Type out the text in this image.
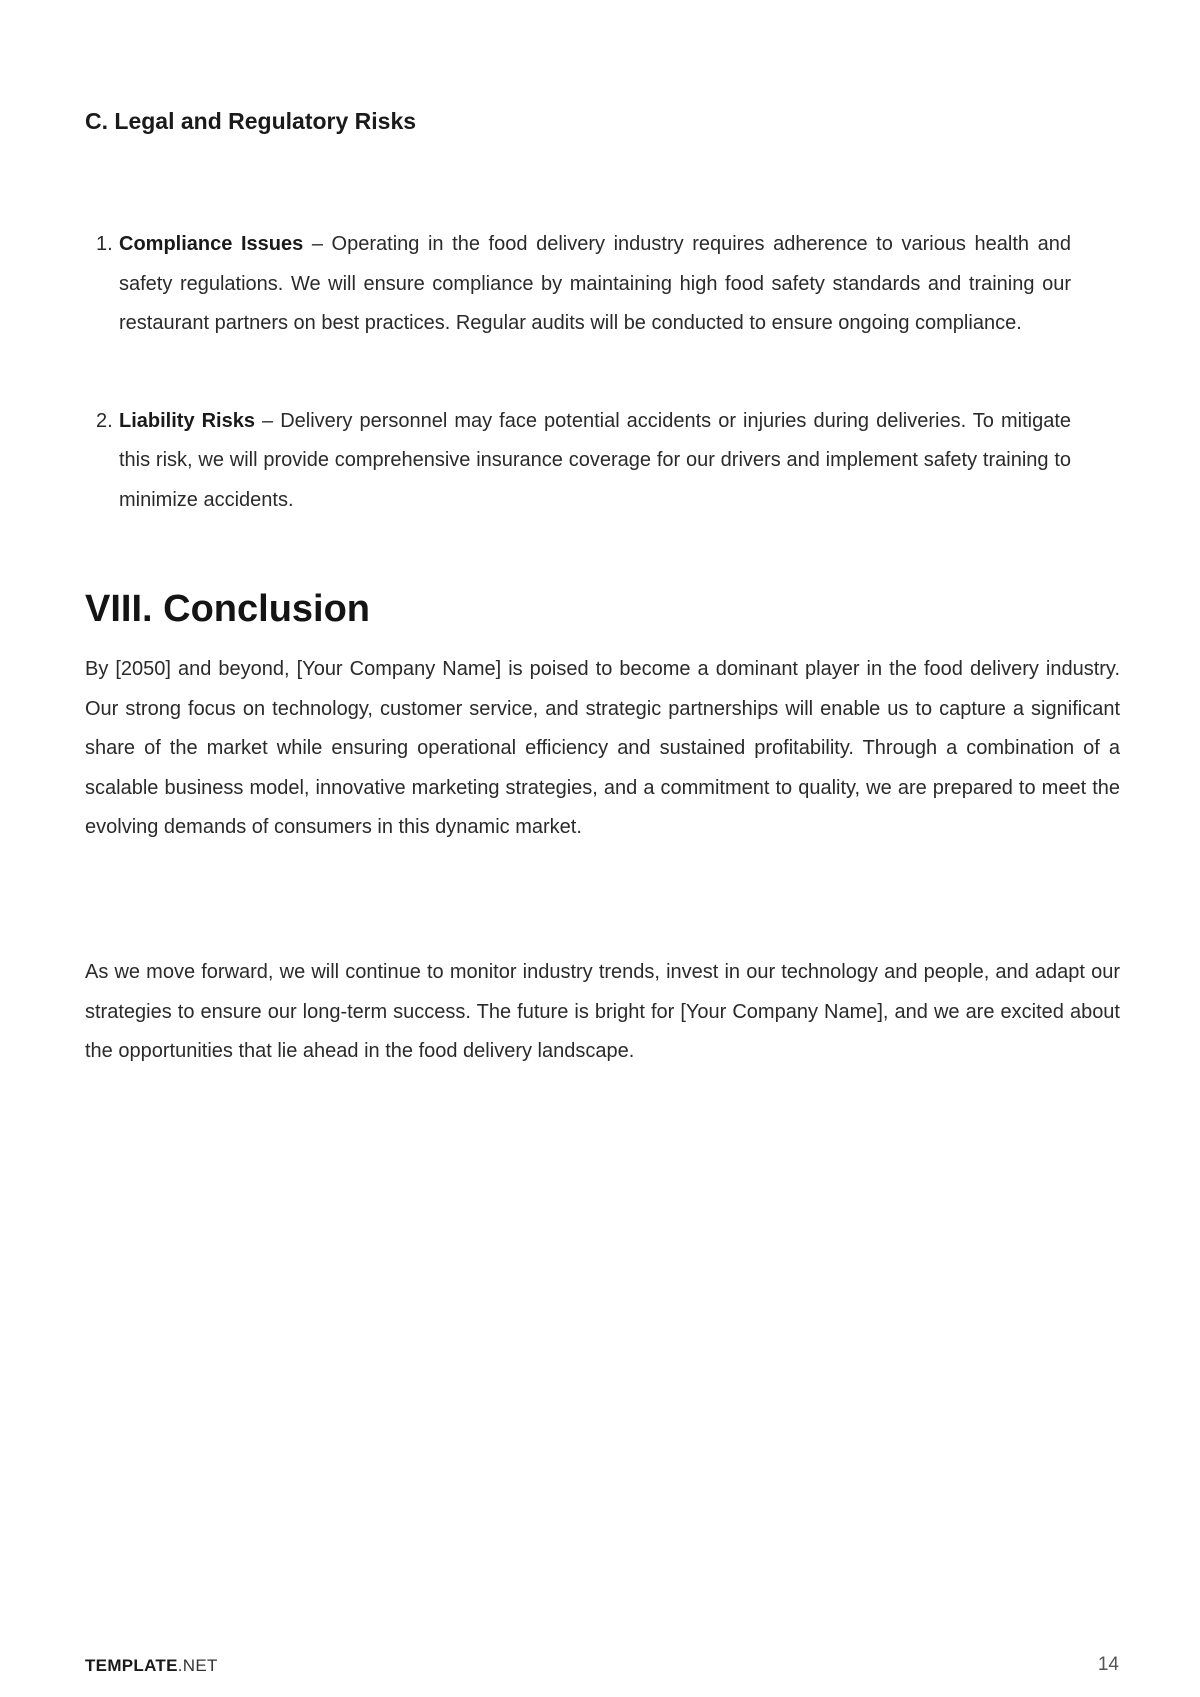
C. Legal and Regulatory Risks
1. Compliance Issues – Operating in the food delivery industry requires adherence to various health and safety regulations. We will ensure compliance by maintaining high food safety standards and training our restaurant partners on best practices. Regular audits will be conducted to ensure ongoing compliance.
2. Liability Risks – Delivery personnel may face potential accidents or injuries during deliveries. To mitigate this risk, we will provide comprehensive insurance coverage for our drivers and implement safety training to minimize accidents.
VIII. Conclusion

By [2050] and beyond, [Your Company Name] is poised to become a dominant player in the food delivery industry. Our strong focus on technology, customer service, and strategic partnerships will enable us to capture a significant share of the market while ensuring operational efficiency and sustained profitability. Through a combination of a scalable business model, innovative marketing strategies, and a commitment to quality, we are prepared to meet the evolving demands of consumers in this dynamic market.

As we move forward, we will continue to monitor industry trends, invest in our technology and people, and adapt our strategies to ensure our long-term success. The future is bright for [Your Company Name], and we are excited about the opportunities that lie ahead in the food delivery landscape.

TEMPLATE.NET	14
